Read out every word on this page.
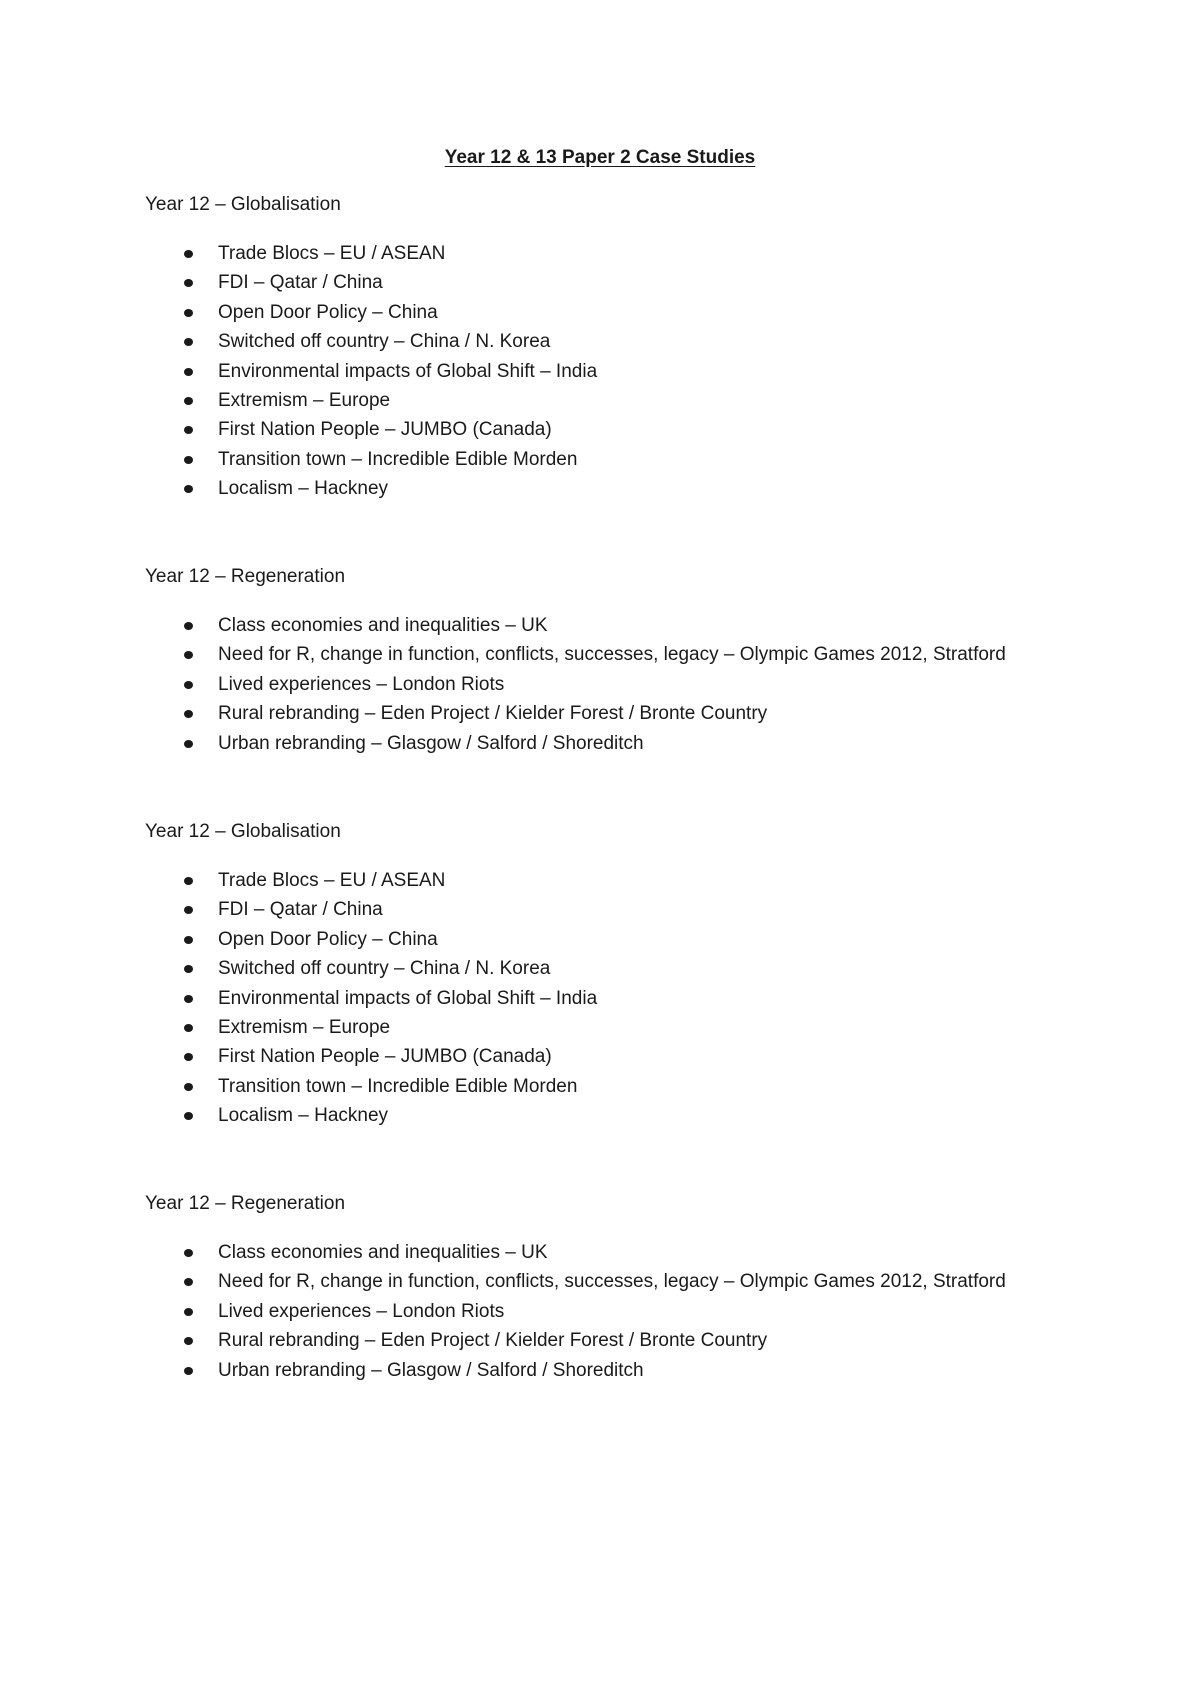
Year 12 & 13 Paper 2 Case Studies

Year 12 – Globalisation

Trade Blocs – EU / ASEAN
FDI – Qatar / China
Open Door Policy – China
Switched off country – China / N. Korea
Environmental impacts of Global Shift – India
Extremism – Europe
First Nation People – JUMBO (Canada)
Transition town – Incredible Edible Morden
Localism – Hackney

Year 12 – Regeneration

Class economies and inequalities – UK
Need for R, change in function, conflicts, successes, legacy – Olympic Games 2012, Stratford
Lived experiences – London Riots
Rural rebranding – Eden Project / Kielder Forest / Bronte Country
Urban rebranding – Glasgow / Salford / Shoreditch

Year 12 – Globalisation

Trade Blocs – EU / ASEAN
FDI – Qatar / China
Open Door Policy – China
Switched off country – China / N. Korea
Environmental impacts of Global Shift – India
Extremism – Europe
First Nation People – JUMBO (Canada)
Transition town – Incredible Edible Morden
Localism – Hackney

Year 12 – Regeneration

Class economies and inequalities – UK
Need for R, change in function, conflicts, successes, legacy – Olympic Games 2012, Stratford
Lived experiences – London Riots
Rural rebranding – Eden Project / Kielder Forest / Bronte Country
Urban rebranding – Glasgow / Salford / Shoreditch
